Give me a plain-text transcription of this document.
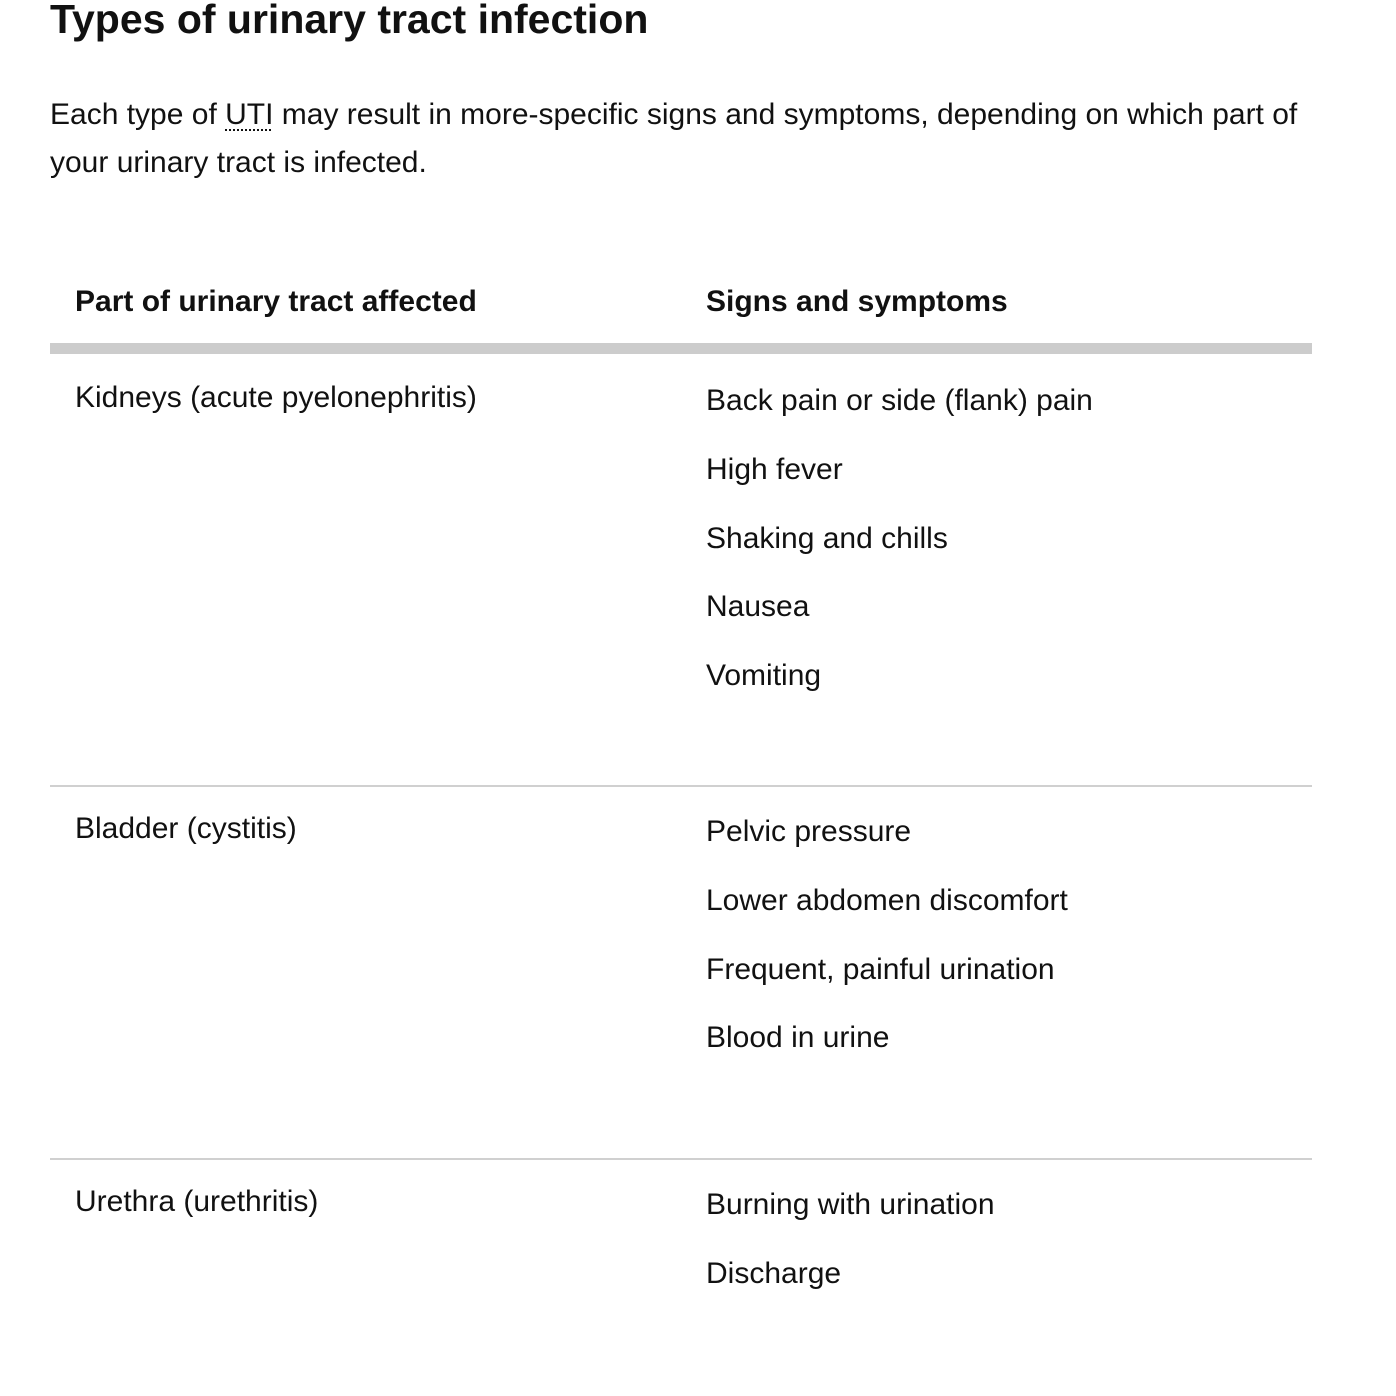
Types of urinary tract infection

Each type of UTI may result in more-specific signs and symptoms, depending on which part of your urinary tract is infected.

Part of urinary tract affected	Signs and symptoms
Kidneys (acute pyelonephritis)	Back pain or side (flank) pain
High fever
Shaking and chills
Nausea
Vomiting
Bladder (cystitis)	Pelvic pressure
Lower abdomen discomfort
Frequent, painful urination
Blood in urine
Urethra (urethritis)	Burning with urination
Discharge
